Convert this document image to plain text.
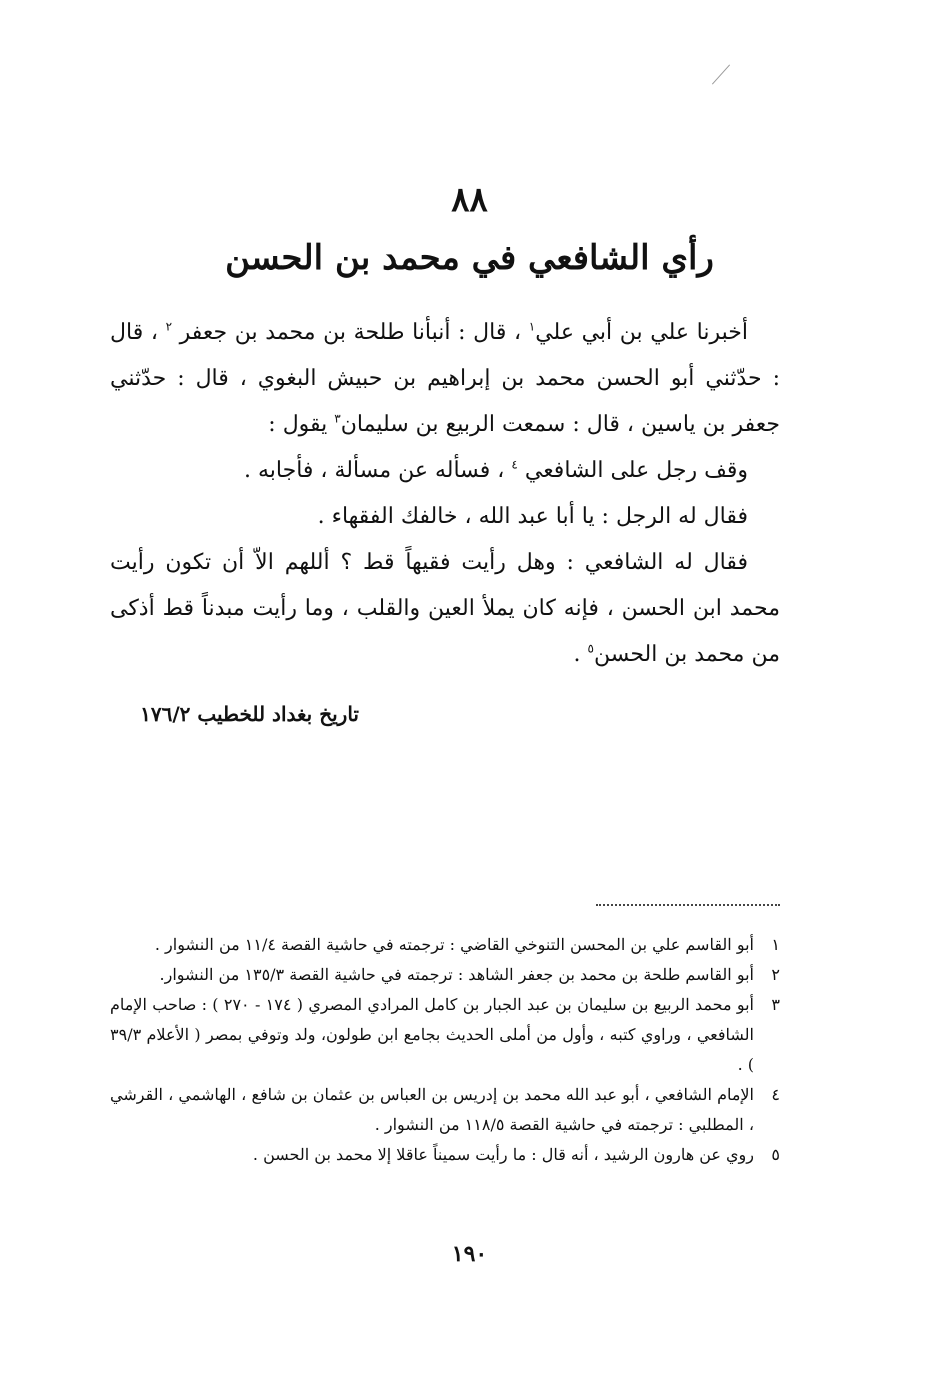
٨٨
رأي الشافعي في محمد بن الحسن

أخبرنا علي بن أبي علي$^١$ ، قال : أنبأنا طلحة بن محمد بن جعفر $^٢$ ، قال : حدّثني أبو الحسن محمد بن إبراهيم بن حبيش البغوي ، قال : حدّثني جعفر بن ياسين ، قال : سمعت الربيع بن سليمان$^٣$ يقول :

وقف رجل على الشافعي $^٤$ ، فسأله عن مسألة ، فأجابه .

فقال له الرجل : يا أبا عبد الله ، خالفك الفقهاء .

فقال له الشافعي : وهل رأيت فقيهاً قط ؟ أللهم الاّ أن تكون رأيت محمد ابن الحسن ، فإنه كان يملأ العين والقلب ، وما رأيت مبدناً قط أذكى من محمد بن الحسن$^٥$ .

تاريخ بغداد للخطيب ١٧٦/٢
١
أبو القاسم علي بن المحسن التنوخي القاضي : ترجمته في حاشية القصة ١١/٤ من النشوار .
٢
أبو القاسم طلحة بن محمد بن جعفر الشاهد : ترجمته في حاشية القصة ١٣٥/٣ من النشوار.
٣
أبو محمد الربيع بن سليمان بن عبد الجبار بن كامل المرادي المصري ( ١٧٤ - ٢٧٠ ) : صاحب الإمام الشافعي ، وراوي كتبه ، وأول من أملى الحديث بجامع ابن طولون، ولد وتوفي بمصر ( الأعلام ٣٩/٣ ) .
٤
الإمام الشافعي ، أبو عبد الله محمد بن إدريس بن العباس بن عثمان بن شافع ، الهاشمي ، القرشي ، المطلبي : ترجمته في حاشية القصة ١١٨/٥ من النشوار .
٥
روي عن هارون الرشيد ، أنه قال : ما رأيت سميناً عاقلا إلا محمد بن الحسن .
١٩٠
